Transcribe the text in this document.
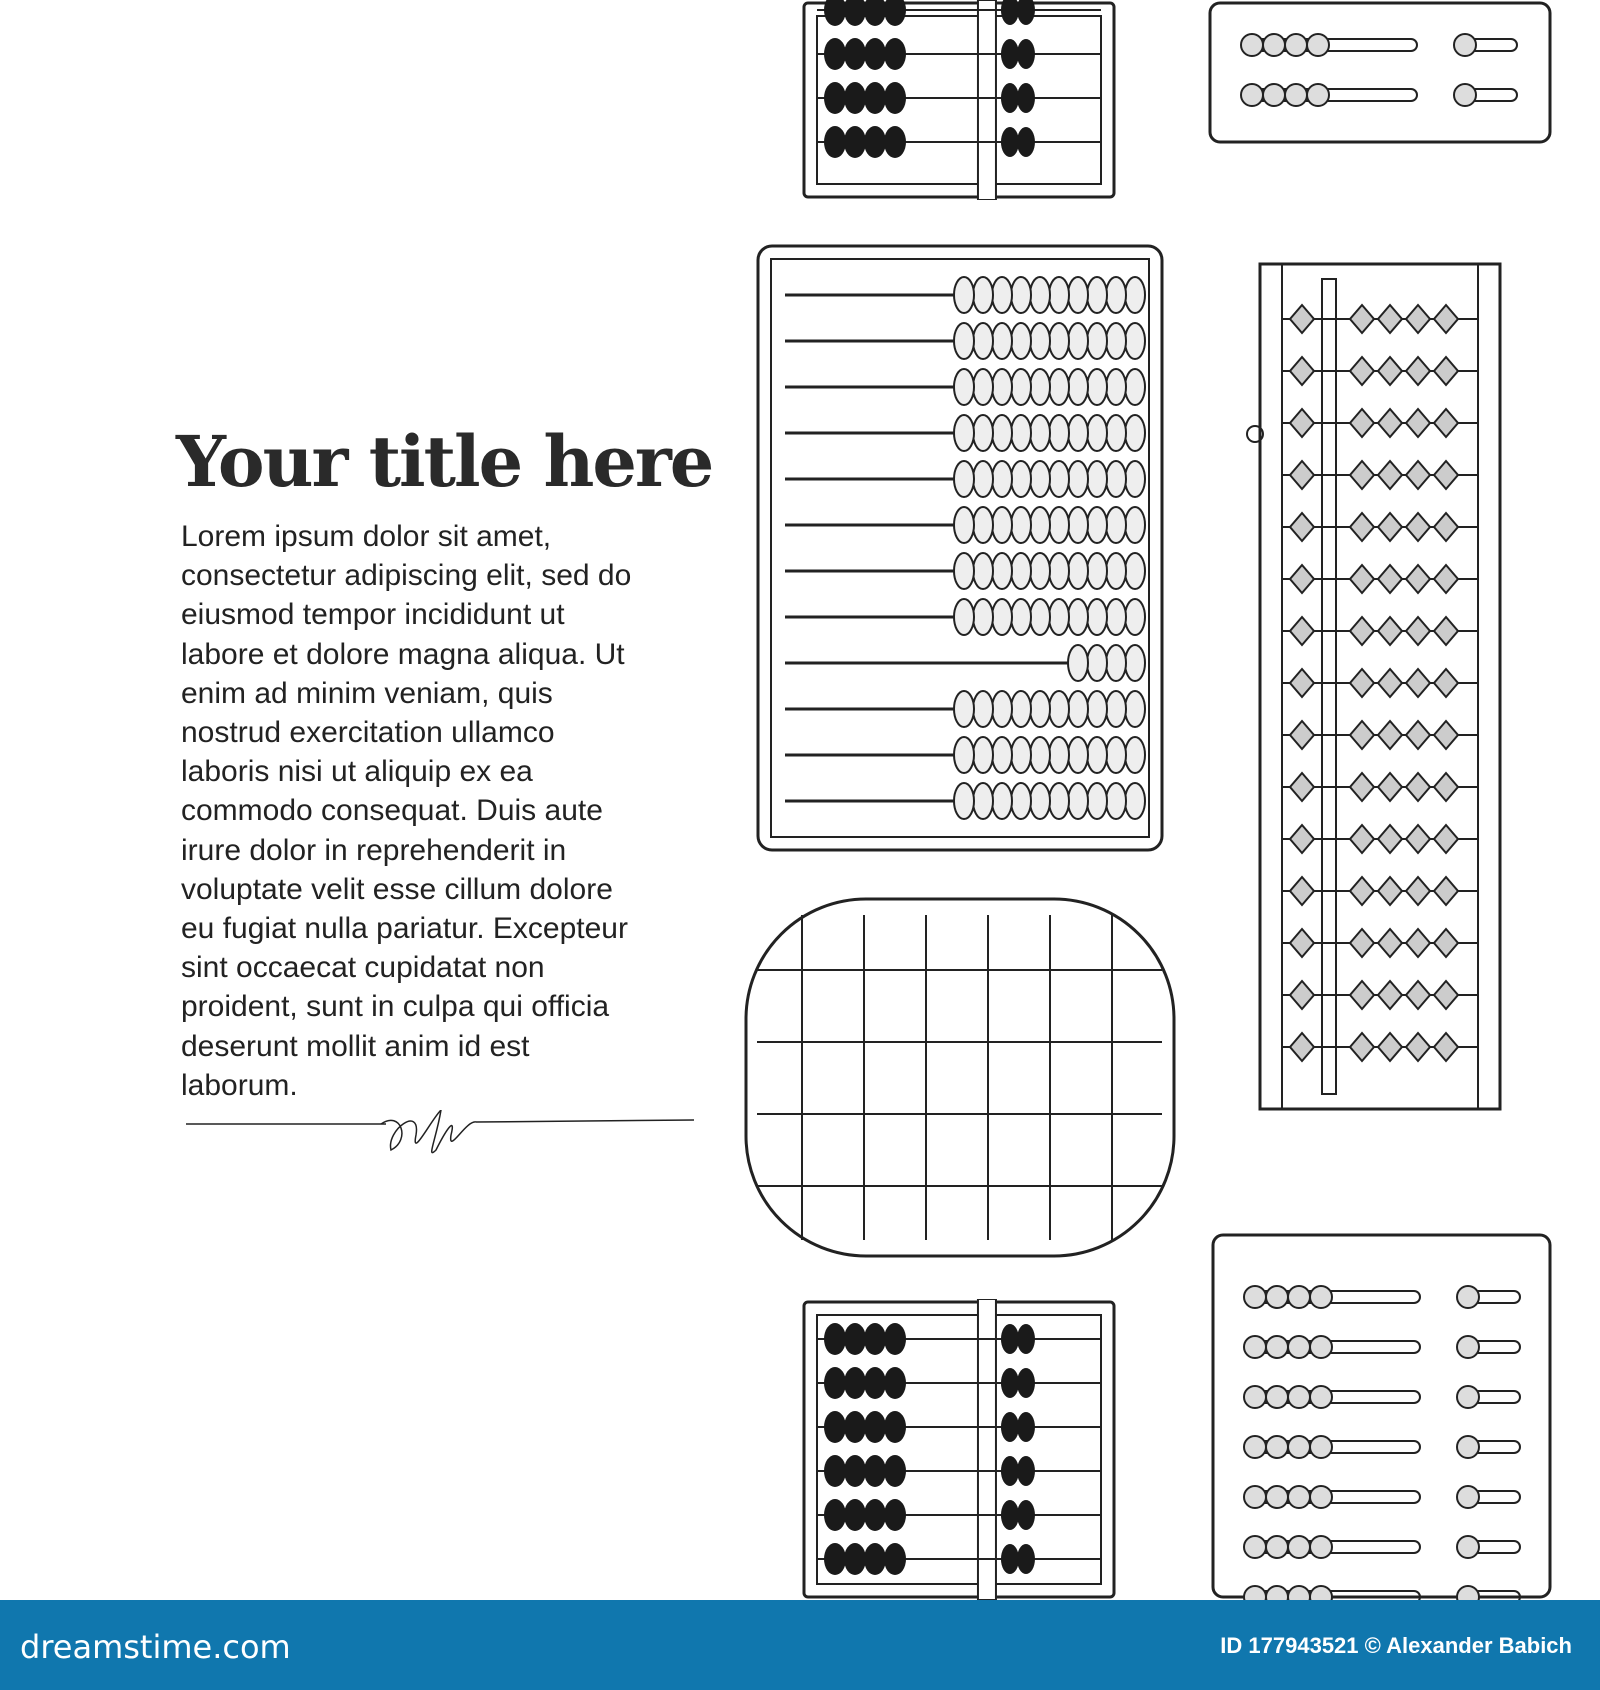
Your title here
Lorem ipsum dolor sit amet,
consectetur adipiscing elit, sed do
eiusmod tempor incididunt ut
labore et dolore magna aliqua. Ut
enim ad minim veniam, quis
nostrud exercitation ullamco
laboris nisi ut aliquip ex ea
commodo consequat. Duis aute
irure dolor in reprehenderit in
voluptate velit esse cillum dolore
eu fugiat nulla pariatur. Excepteur
sint occaecat cupidatat non
proident, sunt in culpa qui officia
deserunt mollit anim id est
laborum.
dreamstime.com	ID 177943521 © Alexander Babich
